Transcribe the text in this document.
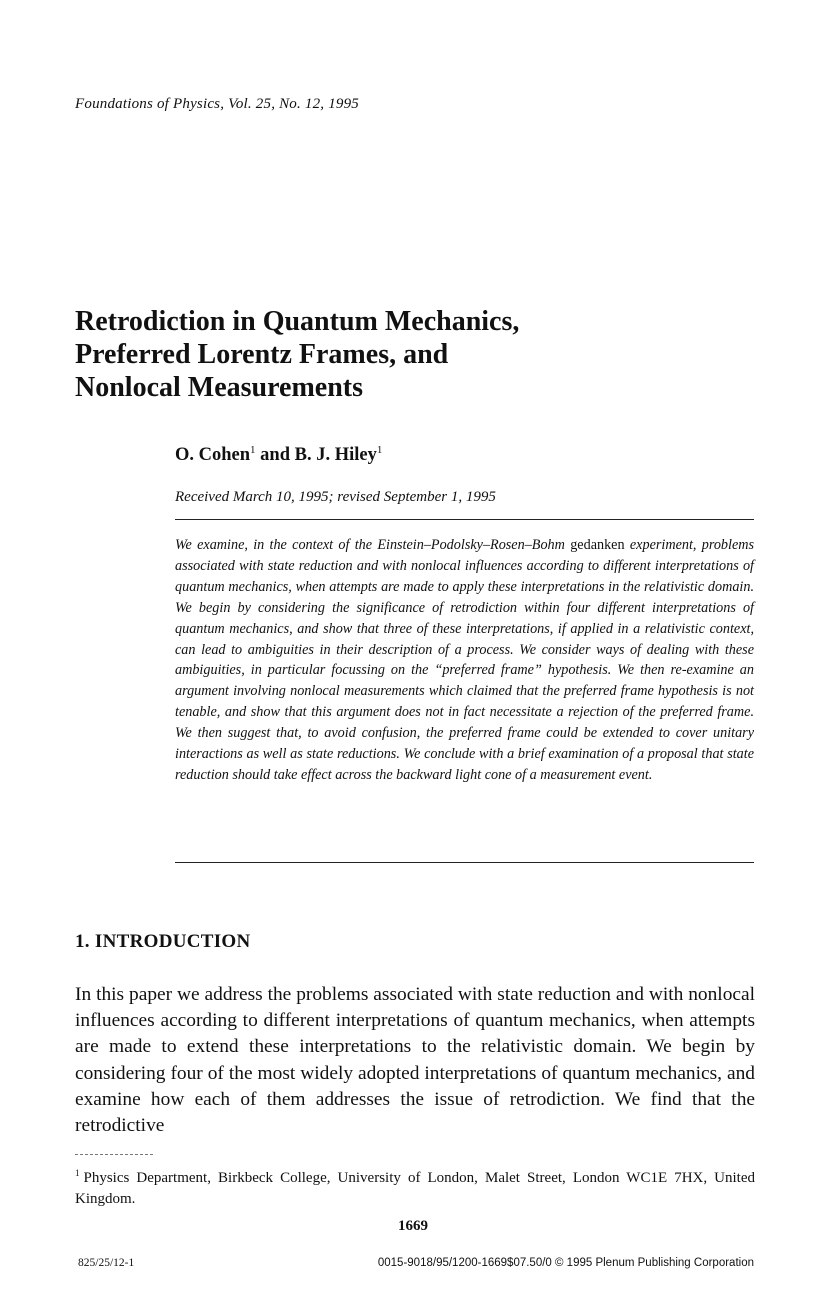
Foundations of Physics, Vol. 25, No. 12, 1995
Retrodiction in Quantum Mechanics,
Preferred Lorentz Frames, and
Nonlocal Measurements
O. Cohen$^1$ and B. J. Hiley$^1$
Received March 10, 1995; revised September 1, 1995

We examine, in the context of the Einstein–Podolsky–Rosen–Bohm gedanken experiment, problems associated with state reduction and with nonlocal influences according to different interpretations of quantum mechanics, when attempts are made to apply these interpretations in the relativistic domain. We begin by considering the significance of retrodiction within four different interpretations of quantum mechanics, and show that three of these interpretations, if applied in a relativistic context, can lead to ambiguities in their description of a process. We consider ways of dealing with these ambiguities, in particular focussing on the “preferred frame” hypothesis. We then re-examine an argument involving nonlocal measurements which claimed that the preferred frame hypothesis is not tenable, and show that this argument does not in fact necessitate a rejection of the preferred frame. We then suggest that, to avoid confusion, the preferred frame could be extended to cover unitary interactions as well as state reductions. We conclude with a brief examination of a proposal that state reduction should take effect across the backward light cone of a measurement event.

1. INTRODUCTION

In this paper we address the problems associated with state reduction and with nonlocal influences according to different interpretations of quantum mechanics, when attempts are made to extend these interpretations to the relativistic domain. We begin by considering four of the most widely adopted interpretations of quantum mechanics, and examine how each of them addresses the issue of retrodiction. We find that the retrodictive

$^1$ Physics Department, Birkbeck College, University of London, Malet Street, London WC1E 7HX, United Kingdom.

1669
825/25/12-1	0015-9018/95/1200-1669$07.50/0 © 1995 Plenum Publishing Corporation
